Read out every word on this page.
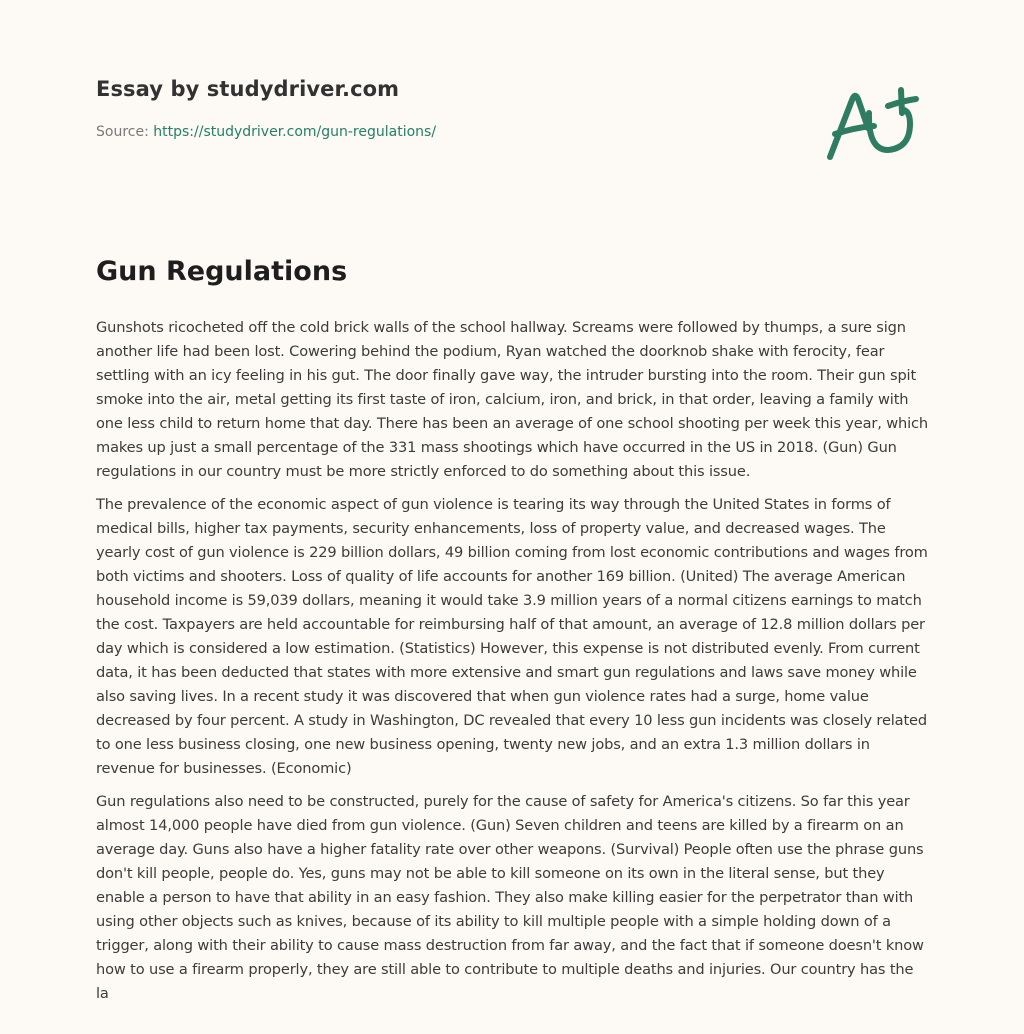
Essay by studydriver.com
Source: https://studydriver.com/gun-regulations/
Gun Regulations

Gunshots ricocheted off the cold brick walls of the school hallway. Screams were followed by thumps, a sure sign another life had been lost. Cowering behind the podium, Ryan watched the doorknob shake with ferocity, fear settling with an icy feeling in his gut. The door finally gave way, the intruder bursting into the room. Their gun spit smoke into the air, metal getting its first taste of iron, calcium, iron, and brick, in that order, leaving a family with one less child to return home that day. There has been an average of one school shooting per week this year, which makes up just a small percentage of the 331 mass shootings which have occurred in the US in 2018. (Gun) Gun regulations in our country must be more strictly enforced to do something about this issue.

The prevalence of the economic aspect of gun violence is tearing its way through the United States in forms of medical bills, higher tax payments, security enhancements, loss of property value, and decreased wages. The yearly cost of gun violence is 229 billion dollars, 49 billion coming from lost economic contributions and wages from both victims and shooters. Loss of quality of life accounts for another 169 billion. (United) The average American household income is 59,039 dollars, meaning it would take 3.9 million years of a normal citizens earnings to match the cost. Taxpayers are held accountable for reimbursing half of that amount, an average of 12.8 million dollars per day which is considered a low estimation. (Statistics) However, this expense is not distributed evenly. From current data, it has been deducted that states with more extensive and smart gun regulations and laws save money while also saving lives. In a recent study it was discovered that when gun violence rates had a surge, home value decreased by four percent. A study in Washington, DC revealed that every 10 less gun incidents was closely related to one less business closing, one new business opening, twenty new jobs, and an extra 1.3 million dollars in revenue for businesses. (Economic)

Gun regulations also need to be constructed, purely for the cause of safety for America's citizens. So far this year almost 14,000 people have died from gun violence. (Gun) Seven children and teens are killed by a firearm on an average day. Guns also have a higher fatality rate over other weapons. (Survival) People often use the phrase guns don't kill people, people do. Yes, guns may not be able to kill someone on its own in the literal sense, but they enable a person to have that ability in an easy fashion. They also make killing easier for the perpetrator than with using other objects such as knives, because of its ability to kill multiple people with a simple holding down of a trigger, along with their ability to cause mass destruction from far away, and the fact that if someone doesn't know how to use a firearm properly, they are still able to contribute to multiple deaths and injuries. Our country has the la
